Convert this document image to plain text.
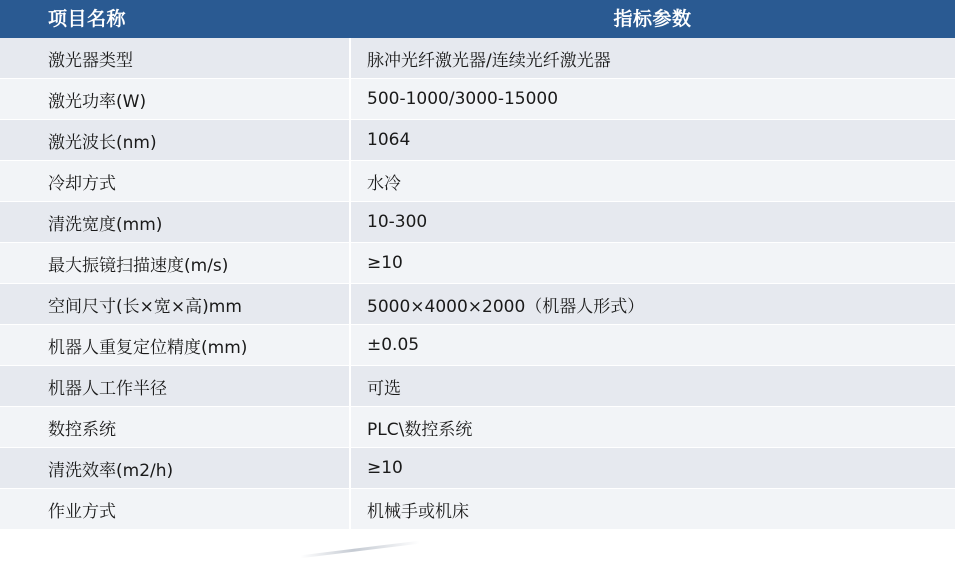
项目名称	指标参数
激光器类型	脉冲光纤激光器/连续光纤激光器
激光功率(W)	500-1000/3000-15000
激光波长(nm)	1064
冷却方式	水冷
清洗宽度(mm)	10-300
最大振镜扫描速度(m/s)	≥10
空间尺寸(长×宽×高)mm	5000×4000×2000（机器人形式）
机器人重复定位精度(mm)	±0.05
机器人工作半径	可选
数控系统	PLC\数控系统
清洗效率(m2/h)	≥10
作业方式	机械手或机床
